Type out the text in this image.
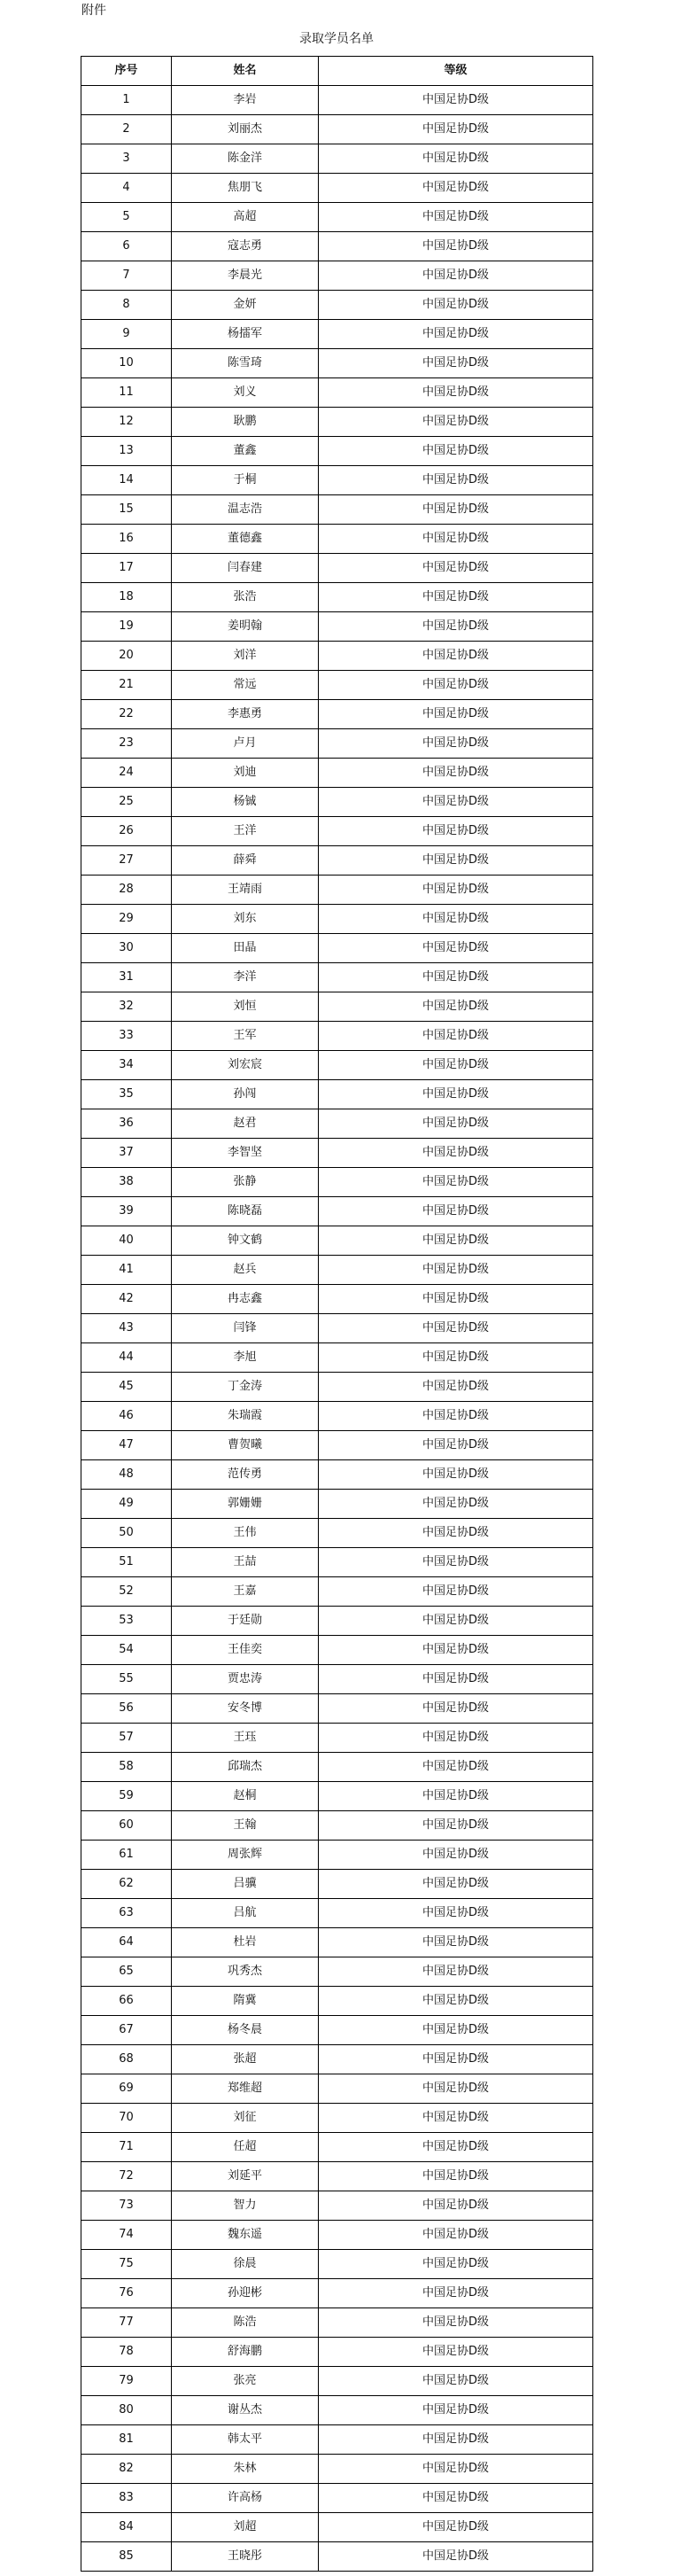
附件
录取学员名单
序号	姓名	等级
1	李岩	中国足协D级
2	刘丽杰	中国足协D级
3	陈金洋	中国足协D级
4	焦朋飞	中国足协D级
5	高超	中国足协D级
6	寇志勇	中国足协D级
7	李晨光	中国足协D级
8	金妍	中国足协D级
9	杨擂军	中国足协D级
10	陈雪琦	中国足协D级
11	刘义	中国足协D级
12	耿鹏	中国足协D级
13	董鑫	中国足协D级
14	于桐	中国足协D级
15	温志浩	中国足协D级
16	董德鑫	中国足协D级
17	闫春建	中国足协D级
18	张浩	中国足协D级
19	姜明翰	中国足协D级
20	刘洋	中国足协D级
21	常远	中国足协D级
22	李惠勇	中国足协D级
23	卢月	中国足协D级
24	刘迪	中国足协D级
25	杨铖	中国足协D级
26	王洋	中国足协D级
27	薛舜	中国足协D级
28	王靖雨	中国足协D级
29	刘东	中国足协D级
30	田晶	中国足协D级
31	李洋	中国足协D级
32	刘恒	中国足协D级
33	王军	中国足协D级
34	刘宏宸	中国足协D级
35	孙闯	中国足协D级
36	赵君	中国足协D级
37	李智坚	中国足协D级
38	张静	中国足协D级
39	陈晓磊	中国足协D级
40	钟文鹤	中国足协D级
41	赵兵	中国足协D级
42	冉志鑫	中国足协D级
43	闫锋	中国足协D级
44	李旭	中国足协D级
45	丁金涛	中国足协D级
46	朱瑞霞	中国足协D级
47	曹贺曦	中国足协D级
48	范传勇	中国足协D级
49	郭姗姗	中国足协D级
50	王伟	中国足协D级
51	王喆	中国足协D级
52	王嘉	中国足协D级
53	于廷勋	中国足协D级
54	王佳奕	中国足协D级
55	贾忠涛	中国足协D级
56	安冬博	中国足协D级
57	王珏	中国足协D级
58	邱瑞杰	中国足协D级
59	赵桐	中国足协D级
60	王翰	中国足协D级
61	周张辉	中国足协D级
62	吕骥	中国足协D级
63	吕航	中国足协D级
64	杜岩	中国足协D级
65	巩秀杰	中国足协D级
66	隋冀	中国足协D级
67	杨冬晨	中国足协D级
68	张超	中国足协D级
69	郑维超	中国足协D级
70	刘征	中国足协D级
71	任超	中国足协D级
72	刘延平	中国足协D级
73	智力	中国足协D级
74	魏东遥	中国足协D级
75	徐晨	中国足协D级
76	孙迎彬	中国足协D级
77	陈浩	中国足协D级
78	舒海鹏	中国足协D级
79	张亮	中国足协D级
80	谢丛杰	中国足协D级
81	韩太平	中国足协D级
82	朱林	中国足协D级
83	许高杨	中国足协D级
84	刘超	中国足协D级
85	王晓彤	中国足协D级
